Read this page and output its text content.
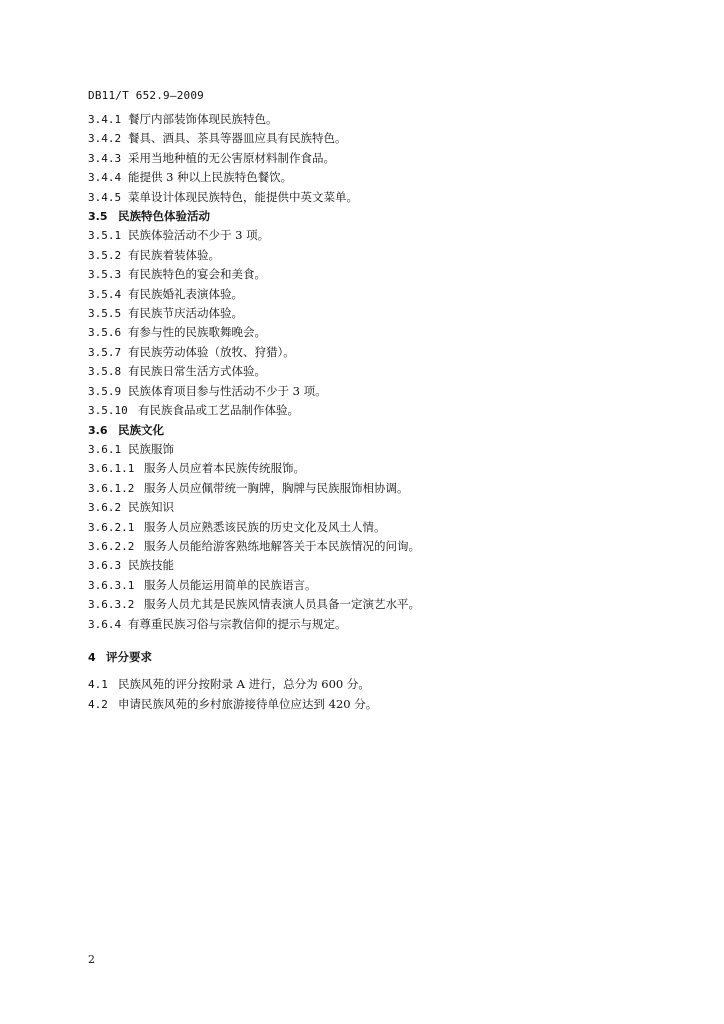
DB11/T 652.9—2009
3.4.1 餐厅内部装饰体现民族特色。
3.4.2 餐具、酒具、茶具等器皿应具有民族特色。
3.4.3 采用当地种植的无公害原材料制作食品。
3.4.4 能提供 3 种以上民族特色餐饮。
3.4.5 菜单设计体现民族特色，能提供中英文菜单。
3.5 民族特色体验活动
3.5.1 民族体验活动不少于 3 项。
3.5.2 有民族着装体验。
3.5.3 有民族特色的宴会和美食。
3.5.4 有民族婚礼表演体验。
3.5.5 有民族节庆活动体验。
3.5.6 有参与性的民族歌舞晚会。
3.5.7 有民族劳动体验（放牧、狩猎）。
3.5.8 有民族日常生活方式体验。
3.5.9 民族体育项目参与性活动不少于 3 项。
3.5.10 有民族食品或工艺品制作体验。
3.6 民族文化
3.6.1 民族服饰
3.6.1.1 服务人员应着本民族传统服饰。
3.6.1.2 服务人员应佩带统一胸牌，胸牌与民族服饰相协调。
3.6.2 民族知识
3.6.2.1 服务人员应熟悉该民族的历史文化及风土人情。
3.6.2.2 服务人员能给游客熟练地解答关于本民族情况的问询。
3.6.3 民族技能
3.6.3.1 服务人员能运用简单的民族语言。
3.6.3.2 服务人员尤其是民族风情表演人员具备一定演艺水平。
3.6.4 有尊重民族习俗与宗教信仰的提示与规定。
4 评分要求
4.1 民族风苑的评分按附录 A 进行，总分为 600 分。
4.2 申请民族风苑的乡村旅游接待单位应达到 420 分。
2
